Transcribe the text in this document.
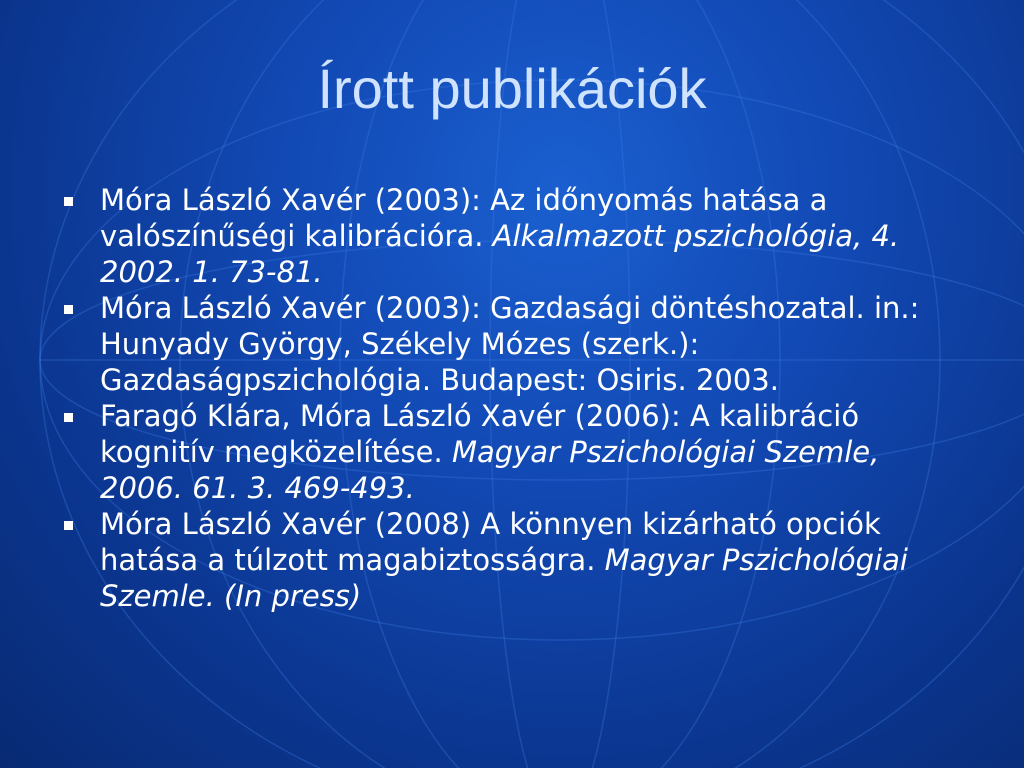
Írott publikációk
Móra László Xavér (2003): Az időnyomás hatása a valószínűségi kalibrációra. Alkalmazott pszichológia, 4. 2002. 1. 73-81.
Móra László Xavér (2003): Gazdasági döntéshozatal. in.: Hunyady György, Székely Mózes (szerk.): Gazdaságpszichológia. Budapest: Osiris. 2003.
Faragó Klára, Móra László Xavér (2006): A kalibráció kognitív megközelítése. Magyar Pszichológiai Szemle, 2006. 61. 3. 469-493.
Móra László Xavér (2008) A könnyen kizárható opciók hatása a túlzott magabiztosságra. Magyar Pszichológiai Szemle. (In press)
